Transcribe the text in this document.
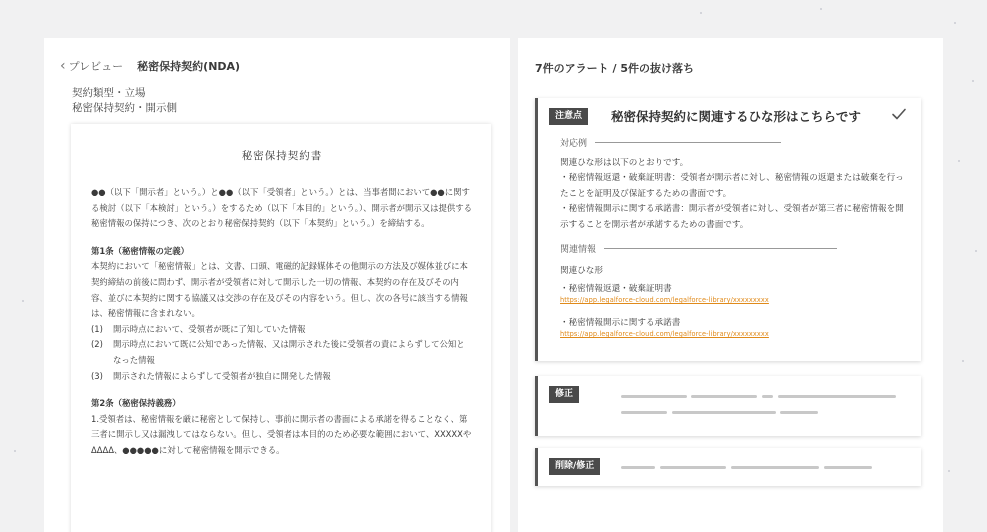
‹ プレビュー 秘密保持契約(NDA)
契約類型・立場
秘密保持契約・開示側
秘密保持契約書

●●（以下「開示者」という。）と●●（以下「受領者」という。）とは、当事者間において●●に関する検討（以下「本検討」という。）をするため（以下「本目的」という。）、開示者が開示又は提供する秘密情報の保持につき、次のとおり秘密保持契約（以下「本契約」という。）を締結する。

第1条（秘密情報の定義）

本契約において「秘密情報」とは、文書、口頭、電磁的記録媒体その他開示の方法及び媒体並びに本契約締結の前後に問わず、開示者が受領者に対して開示した一切の情報、本契約の存在及びその内容、並びに本契約に関する協議又は交渉の存在及びその内容をいう。但し、次の各号に該当する情報は、秘密情報に含まれない。

(1)	開示時点において、受領者が既に了知していた情報
(2)	開示時点において既に公知であった情報、又は開示された後に受領者の責によらずして公知となった情報
(3)	開示された情報によらずして受領者が独自に開発した情報
第2条（秘密保持義務）

1.受領者は、秘密情報を厳に秘密として保持し、事前に開示者の書面による承諾を得ることなく、第三者に開示し又は漏洩してはならない。但し、受領者は本目的のため必要な範囲において、XXXXXやΔΔΔΔ、●●●●●に対して秘密情報を開示できる。

7件のアラート / 5件の抜け落ち
注意点	秘密保持契約に関連するひな形はこちらです
対応例
関連ひな形は以下のとおりです。
・秘密情報返還・破棄証明書：受領者が開示者に対し、秘密情報の返還または破棄を行ったことを証明及び保証するための書面です。
・秘密情報開示に関する承諾書：開示者が受領者に対し、受領者が第三者に秘密情報を開示することを開示者が承諾するための書面です。
関連情報
関連ひな形
・秘密情報返還・破棄証明書
https://app.legalforce-cloud.com/legalforce-library/xxxxxxxxx
・秘密情報開示に関する承諾書
https://app.legalforce-cloud.com/legalforce-library/xxxxxxxxx
修正
削除/修正
